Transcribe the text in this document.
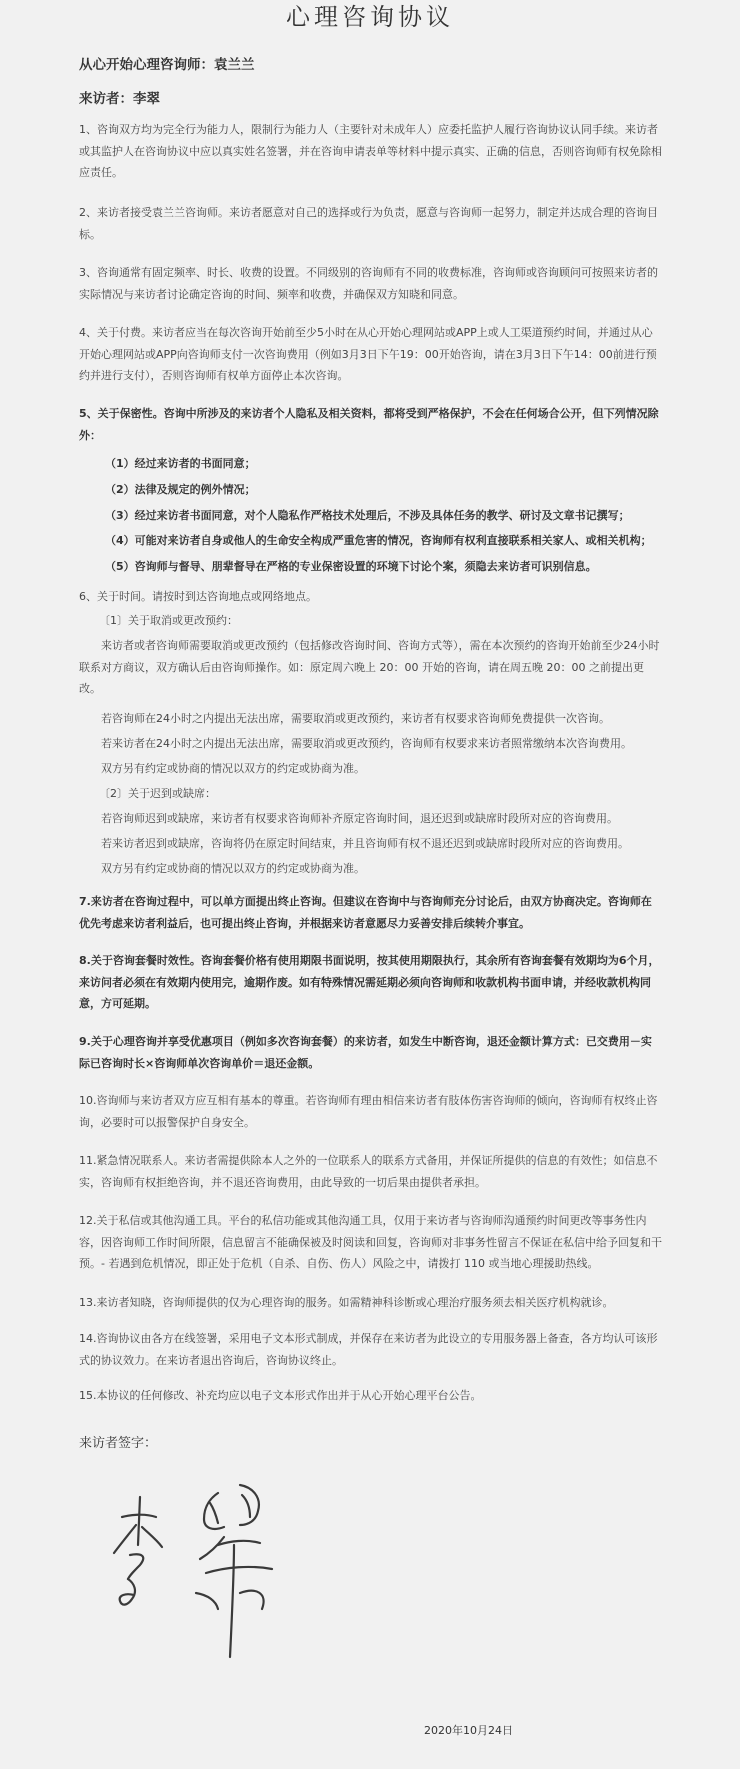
心理咨询协议
从心开始心理咨询师：袁兰兰
来访者：李翠
1、咨询双方均为完全行为能力人，限制行为能力人（主要针对未成年人）应委托监护人履行咨询协议认同手续。来访者或其监护人在咨询协议中应以真实姓名签署，并在咨询申请表单等材料中提示真实、正确的信息，否则咨询师有权免除相应责任。
2、来访者接受袁兰兰咨询师。来访者愿意对自己的选择或行为负责，愿意与咨询师一起努力，制定并达成合理的咨询目标。
3、咨询通常有固定频率、时长、收费的设置。不同级别的咨询师有不同的收费标准，咨询师或咨询顾问可按照来访者的实际情况与来访者讨论确定咨询的时间、频率和收费，并确保双方知晓和同意。
4、关于付费。来访者应当在每次咨询开始前至少5小时在从心开始心理网站或APP上或人工渠道预约时间，并通过从心开始心理网站或APP向咨询师支付一次咨询费用（例如3月3日下午19：00开始咨询，请在3月3日下午14：00前进行预约并进行支付），否则咨询师有权单方面停止本次咨询。
5、关于保密性。咨询中所涉及的来访者个人隐私及相关资料，都将受到严格保护，不会在任何场合公开，但下列情况除外：
（1）经过来访者的书面同意；
（2）法律及规定的例外情况；
（3）经过来访者书面同意，对个人隐私作严格技术处理后，不涉及具体任务的教学、研讨及文章书记撰写；
（4）可能对来访者自身或他人的生命安全构成严重危害的情况，咨询师有权利直接联系相关家人、或相关机构；
（5）咨询师与督导、朋辈督导在严格的专业保密设置的环境下讨论个案，须隐去来访者可识别信息。
6、关于时间。请按时到达咨询地点或网络地点。
〔1〕关于取消或更改预约：
来访者或者咨询师需要取消或更改预约（包括修改咨询时间、咨询方式等），需在本次预约的咨询开始前至少24小时联系对方商议，双方确认后由咨询师操作。如：原定周六晚上 20：00 开始的咨询，请在周五晚 20：00 之前提出更改。
若咨询师在24小时之内提出无法出席，需要取消或更改预约，来访者有权要求咨询师免费提供一次咨询。
若来访者在24小时之内提出无法出席，需要取消或更改预约，咨询师有权要求来访者照常缴纳本次咨询费用。
双方另有约定或协商的情况以双方的约定或协商为准。
〔2〕关于迟到或缺席：
若咨询师迟到或缺席，来访者有权要求咨询师补齐原定咨询时间，退还迟到或缺席时段所对应的咨询费用。
若来访者迟到或缺席，咨询将仍在原定时间结束，并且咨询师有权不退还迟到或缺席时段所对应的咨询费用。
双方另有约定或协商的情况以双方的约定或协商为准。
7.来访者在咨询过程中，可以单方面提出终止咨询。但建议在咨询中与咨询师充分讨论后，由双方协商决定。咨询师在优先考虑来访者利益后，也可提出终止咨询，并根据来访者意愿尽力妥善安排后续转介事宜。
8.关于咨询套餐时效性。咨询套餐价格有使用期限书面说明，按其使用期限执行，其余所有咨询套餐有效期均为6个月，来访问者必须在有效期内使用完，逾期作废。如有特殊情况需延期必须向咨询师和收款机构书面申请，并经收款机构同意，方可延期。
9.关于心理咨询并享受优惠项目（例如多次咨询套餐）的来访者，如发生中断咨询，退还金额计算方式：已交费用－实际已咨询时长×咨询师单次咨询单价＝退还金额。
10.咨询师与来访者双方应互相有基本的尊重。若咨询师有理由相信来访者有肢体伤害咨询师的倾向，咨询师有权终止咨询，必要时可以报警保护自身安全。
11.紧急情况联系人。来访者需提供除本人之外的一位联系人的联系方式备用，并保证所提供的信息的有效性；如信息不实，咨询师有权拒绝咨询，并不退还咨询费用，由此导致的一切后果由提供者承担。
12.关于私信或其他沟通工具。平台的私信功能或其他沟通工具，仅用于来访者与咨询师沟通预约时间更改等事务性内容，因咨询师工作时间所限，信息留言不能确保被及时阅读和回复，咨询师对非事务性留言不保证在私信中给予回复和干预。- 若遇到危机情况，即正处于危机（自杀、自伤、伤人）风险之中，请拨打 110 或当地心理援助热线。
13.来访者知晓，咨询师提供的仅为心理咨询的服务。如需精神科诊断或心理治疗服务须去相关医疗机构就诊。
14.咨询协议由各方在线签署，采用电子文本形式制成，并保存在来访者为此设立的专用服务器上备查，各方均认可该形式的协议效力。在来访者退出咨询后，咨询协议终止。
15.本协议的任何修改、补充均应以电子文本形式作出并于从心开始心理平台公告。
来访者签字：
2020年10月24日
